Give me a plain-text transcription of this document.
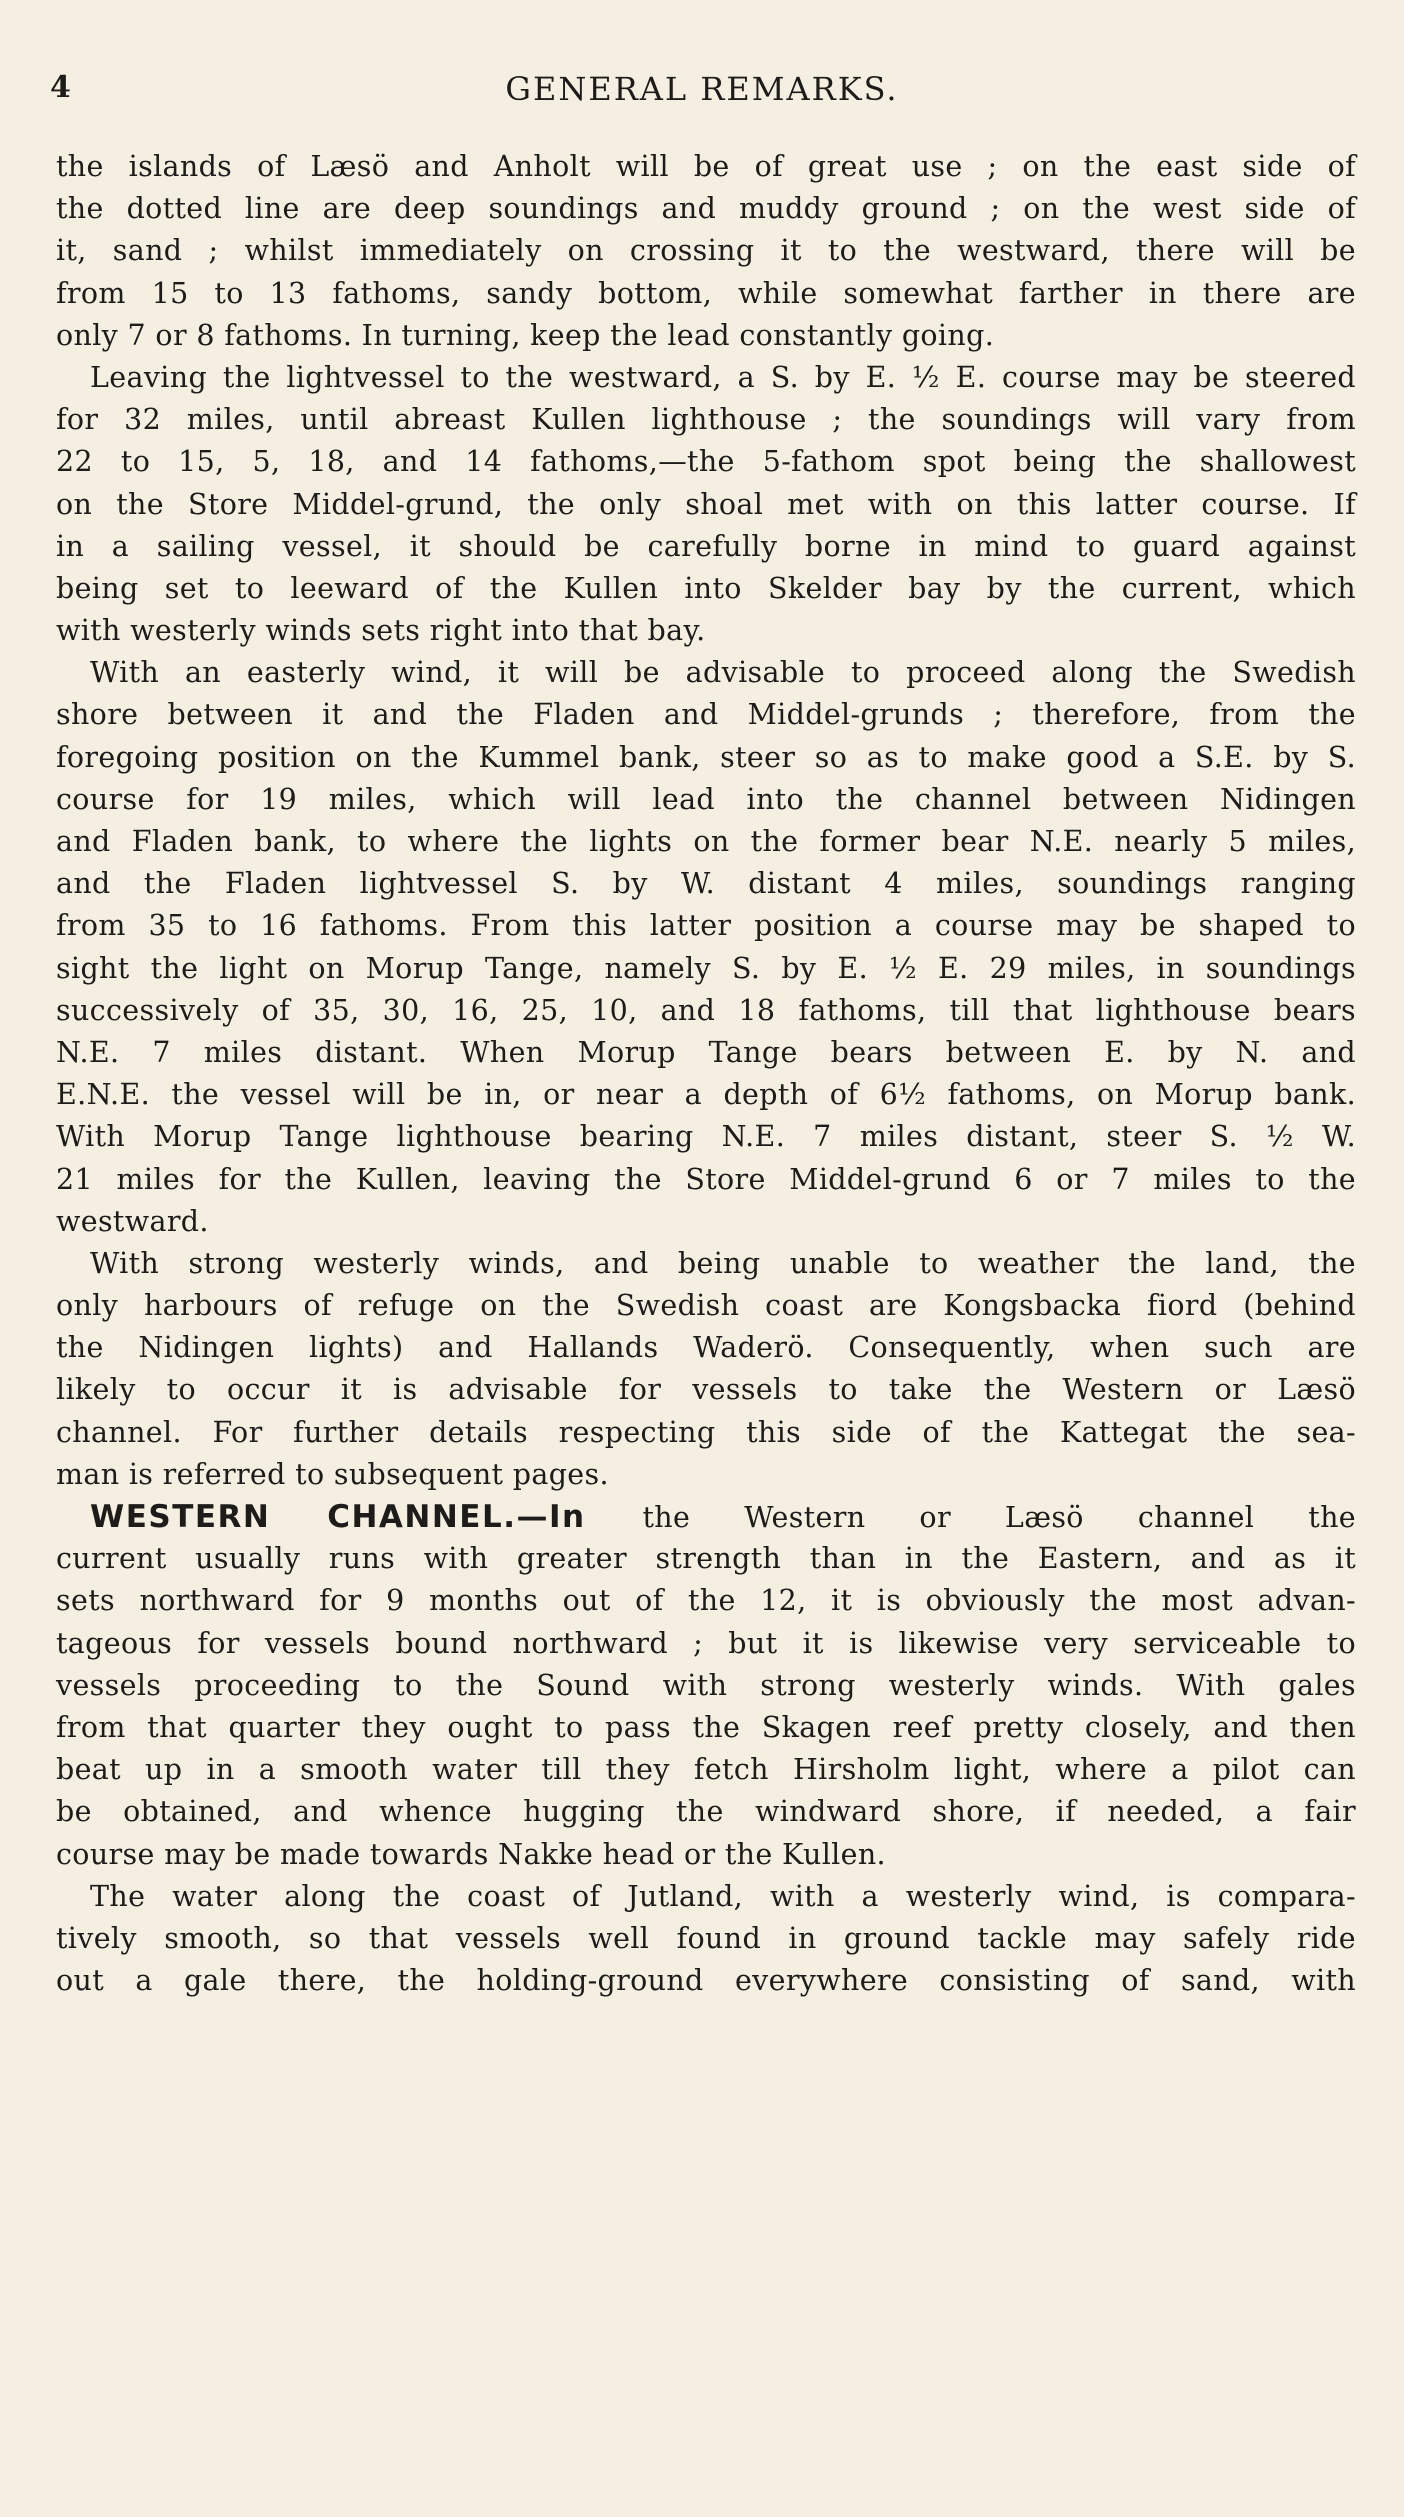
4	GENERAL REMARKS.
the islands of Læsö and Anholt will be of great use ; on the east side of
the dotted line are deep soundings and muddy ground ; on the west side of
it, sand ; whilst immediately on crossing it to the westward, there will be
from 15 to 13 fathoms, sandy bottom, while somewhat farther in there are
only 7 or 8 fathoms. In turning, keep the lead constantly going.
Leaving the lightvessel to the westward, a S. by E. ½ E. course may be steered
for 32 miles, until abreast Kullen lighthouse ; the soundings will vary from
22 to 15, 5, 18, and 14 fathoms,—the 5-fathom spot being the shallowest
on the Store Middel-grund, the only shoal met with on this latter course. If
in a sailing vessel, it should be carefully borne in mind to guard against
being set to leeward of the Kullen into Skelder bay by the current, which
with westerly winds sets right into that bay.
With an easterly wind, it will be advisable to proceed along the Swedish
shore between it and the Fladen and Middel-grunds ; therefore, from the
foregoing position on the Kummel bank, steer so as to make good a S.E. by S.
course for 19 miles, which will lead into the channel between Nidingen
and Fladen bank, to where the lights on the former bear N.E. nearly 5 miles,
and the Fladen lightvessel S. by W. distant 4 miles, soundings ranging
from 35 to 16 fathoms. From this latter position a course may be shaped to
sight the light on Morup Tange, namely S. by E. ½ E. 29 miles, in soundings
successively of 35, 30, 16, 25, 10, and 18 fathoms, till that lighthouse bears
N.E. 7 miles distant. When Morup Tange bears between E. by N. and
E.N.E. the vessel will be in, or near a depth of 6½ fathoms, on Morup bank.
With Morup Tange lighthouse bearing N.E. 7 miles distant, steer S. ½ W.
21 miles for the Kullen, leaving the Store Middel-grund 6 or 7 miles to the
westward.
With strong westerly winds, and being unable to weather the land, the
only harbours of refuge on the Swedish coast are Kongsbacka fiord (behind
the Nidingen lights) and Hallands Waderö. Consequently, when such are
likely to occur it is advisable for vessels to take the Western or Læsö
channel. For further details respecting this side of the Kattegat the sea-
man is referred to subsequent pages.
WESTERN CHANNEL.—In the Western or Læsö channel the
current usually runs with greater strength than in the Eastern, and as it
sets northward for 9 months out of the 12, it is obviously the most advan-
tageous for vessels bound northward ; but it is likewise very serviceable to
vessels proceeding to the Sound with strong westerly winds. With gales
from that quarter they ought to pass the Skagen reef pretty closely, and then
beat up in a smooth water till they fetch Hirsholm light, where a pilot can
be obtained, and whence hugging the windward shore, if needed, a fair
course may be made towards Nakke head or the Kullen.
The water along the coast of Jutland, with a westerly wind, is compara-
tively smooth, so that vessels well found in ground tackle may safely ride
out a gale there, the holding-ground everywhere consisting of sand, with
